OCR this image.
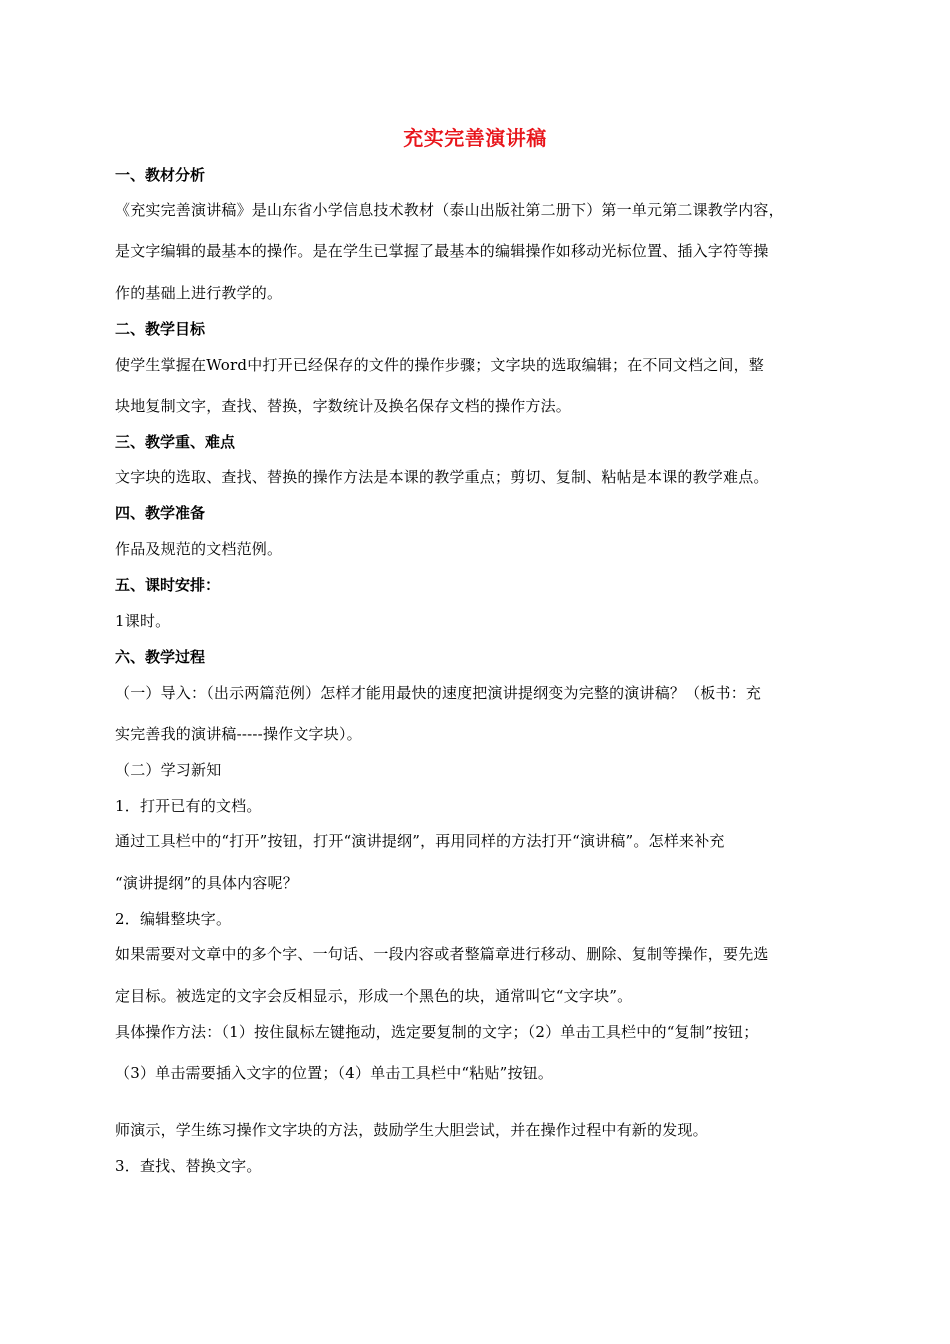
充实完善演讲稿
一、教材分析
《充实完善演讲稿》是山东省小学信息技术教材（泰山出版社第二册下）第一单元第二课教学内容，
是文字编辑的最基本的操作。是在学生已掌握了最基本的编辑操作如移动光标位置、插入字符等操
作的基础上进行教学的。
二、教学目标
使学生掌握在Word中打开已经保存的文件的操作步骤；文字块的选取编辑；在不同文档之间，整
块地复制文字，查找、替换，字数统计及换名保存文档的操作方法。
三、教学重、难点
文字块的选取、查找、替换的操作方法是本课的教学重点；剪切、复制、粘帖是本课的教学难点。
四、教学准备
作品及规范的文档范例。
五、课时安排：
1课时。
六、教学过程
（一）导入：（出示两篇范例）怎样才能用最快的速度把演讲提纲变为完整的演讲稿？（板书：充
实完善我的演讲稿-----操作文字块）。
（二）学习新知
1．打开已有的文档。
通过工具栏中的“打开”按钮，打开“演讲提纲”，再用同样的方法打开“演讲稿”。怎样来补充
“演讲提纲”的具体内容呢？
2．编辑整块字。
如果需要对文章中的多个字、一句话、一段内容或者整篇章进行移动、删除、复制等操作，要先选
定目标。被选定的文字会反相显示，形成一个黑色的块，通常叫它“文字块”。
具体操作方法：（1）按住鼠标左键拖动，选定要复制的文字；（2）单击工具栏中的“复制”按钮；
（3）单击需要插入文字的位置；（4）单击工具栏中“粘贴”按钮。
师演示，学生练习操作文字块的方法，鼓励学生大胆尝试，并在操作过程中有新的发现。
3．查找、替换文字。
